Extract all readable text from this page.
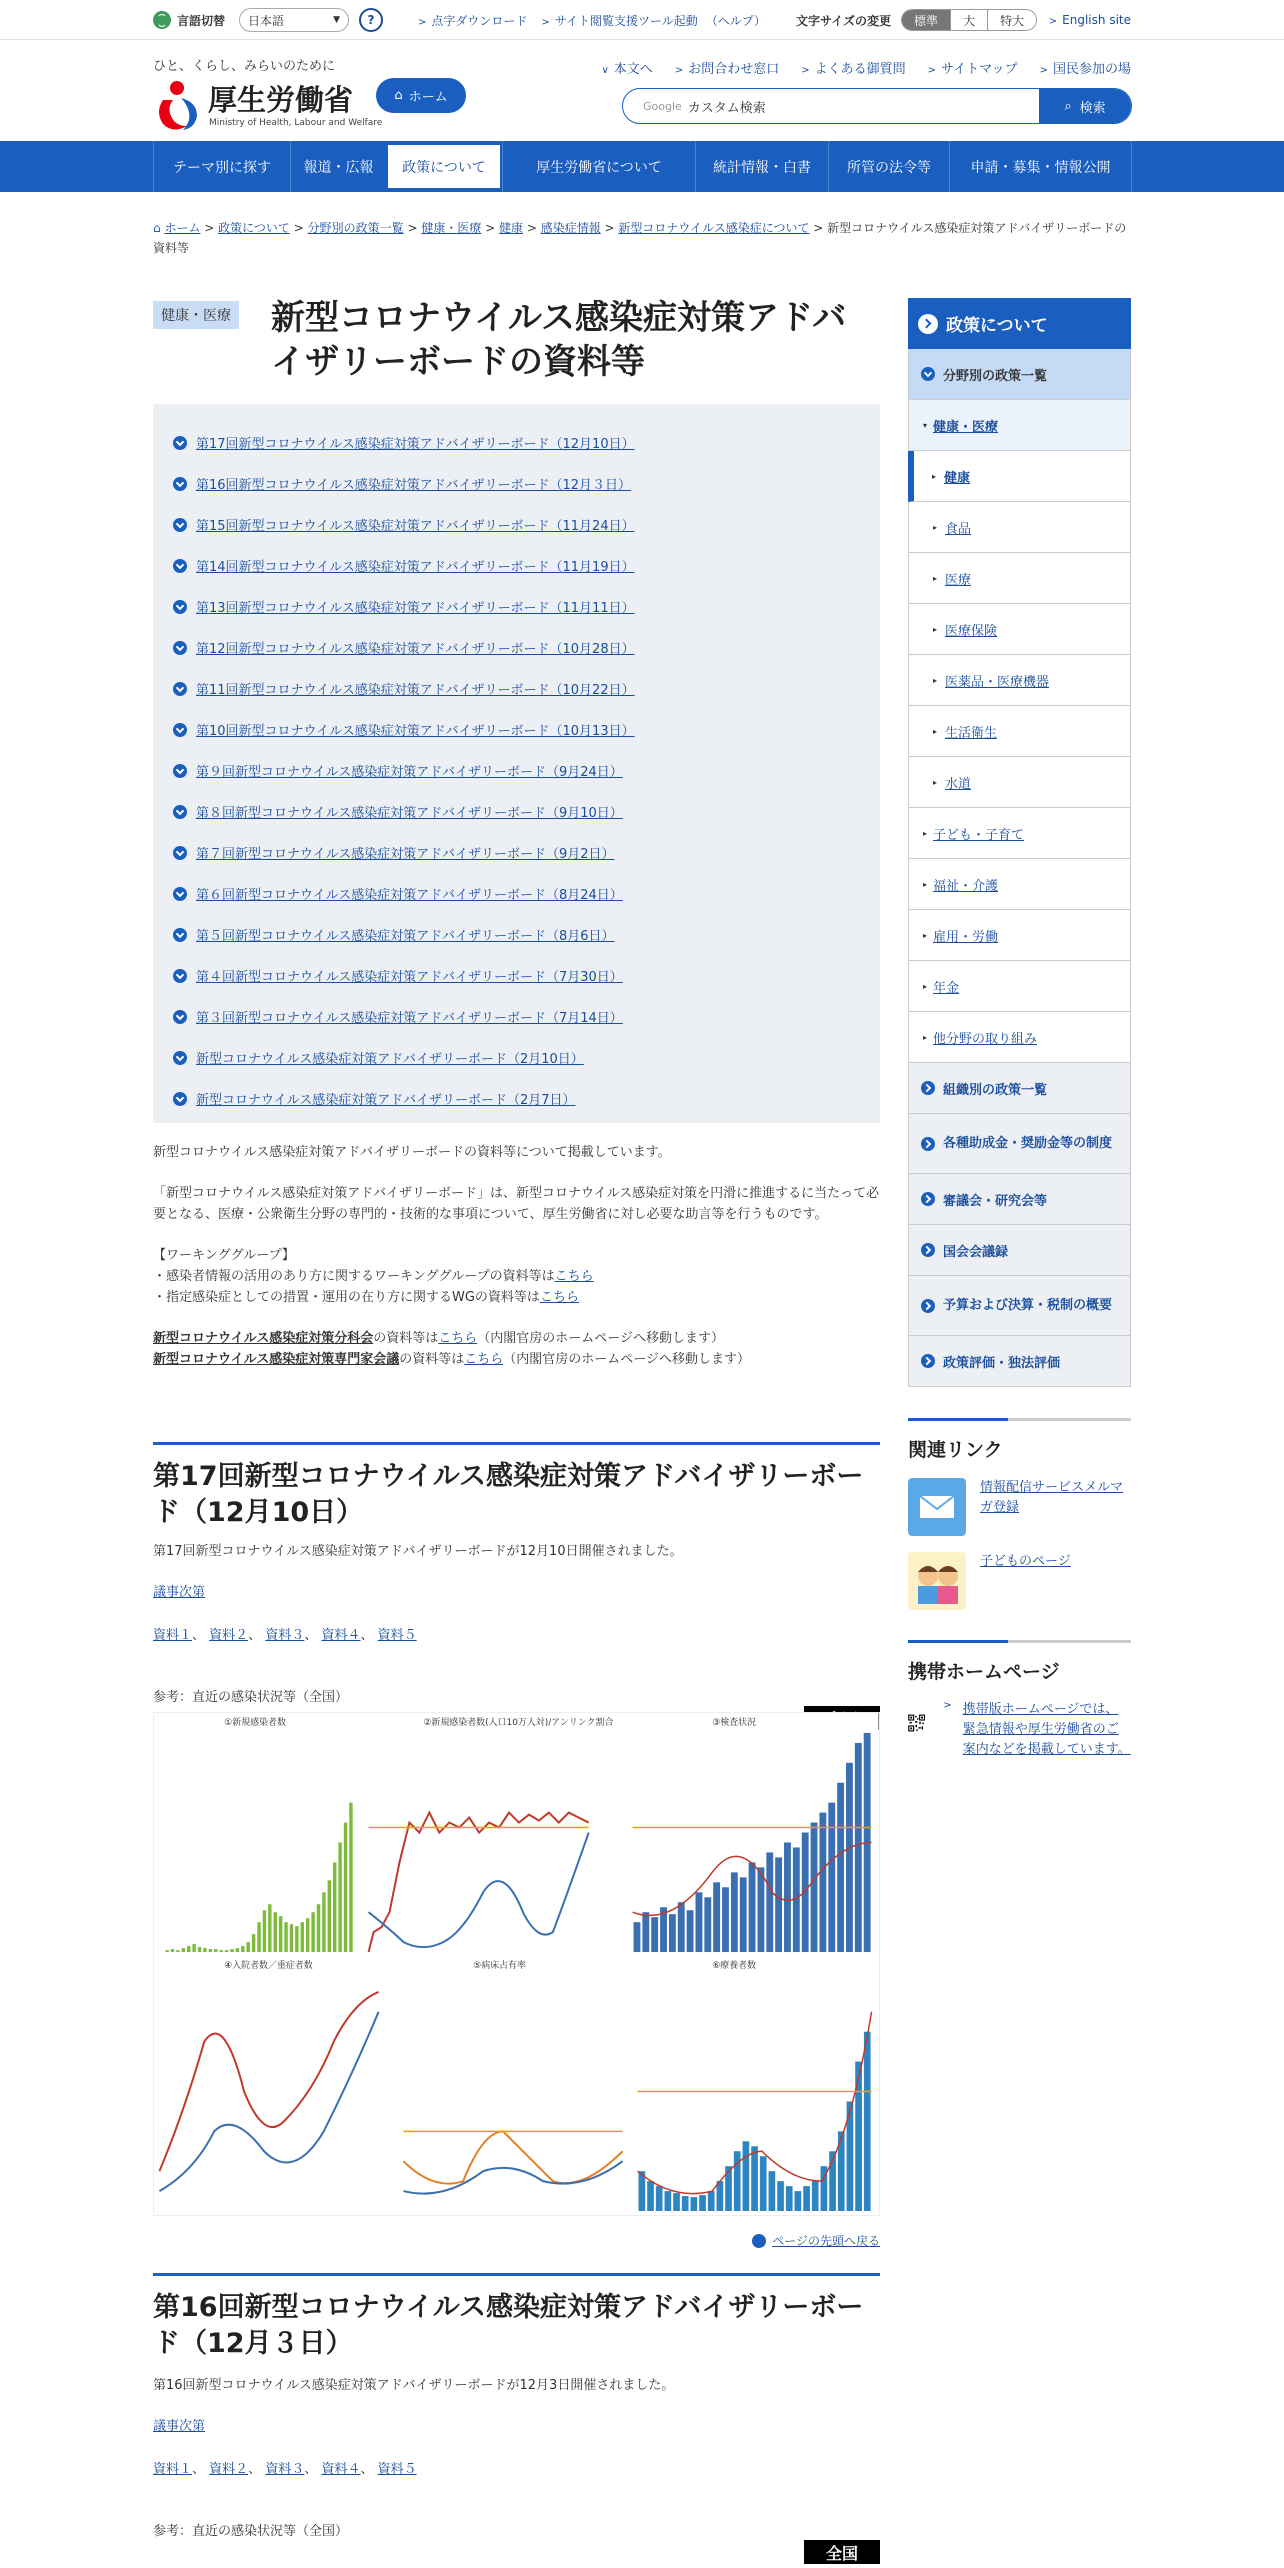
言語切替 日本語	▼	?	> 点字ダウンロード > サイト閲覧支援ツール起動 （ヘルプ）	文字サイズの変更	標準	大	特大	> English site
ひと、くらし、みらいのために
厚生労働省
Ministry of Health, Labour and Welfare
⌂ ホーム
∨ 本文へ > お問合わせ窓口 > よくある御質問 > サイトマップ > 国民参加の場
Google カスタム検索	⌕ 検索
テーマ別に探す	報道・広報	政策について	厚生労働省について	統計情報・白書	所管の法令等	申請・募集・情報公開
⌂ ホーム > 政策について > 分野別の政策一覧 > 健康・医療 > 健康 > 感染症情報 > 新型コロナウイルス感染症について > 新型コロナウイルス感染症対策アドバイザリーボードの資料等
健康・医療 新型コロナウイルス感染症対策アドバイザリーボードの資料等
第17回新型コロナウイルス感染症対策アドバイザリーボード（12月10日）
第16回新型コロナウイルス感染症対策アドバイザリーボード（12月３日）
第15回新型コロナウイルス感染症対策アドバイザリーボード（11月24日）
第14回新型コロナウイルス感染症対策アドバイザリーボード（11月19日）
第13回新型コロナウイルス感染症対策アドバイザリーボード（11月11日）
第12回新型コロナウイルス感染症対策アドバイザリーボード（10月28日）
第11回新型コロナウイルス感染症対策アドバイザリーボード（10月22日）
第10回新型コロナウイルス感染症対策アドバイザリーボード（10月13日）
第９回新型コロナウイルス感染症対策アドバイザリーボード（9月24日）
第８回新型コロナウイルス感染症対策アドバイザリーボード（9月10日）
第７回新型コロナウイルス感染症対策アドバイザリーボード（9月2日）
第６回新型コロナウイルス感染症対策アドバイザリーボード（8月24日）
第５回新型コロナウイルス感染症対策アドバイザリーボード（8月6日）
第４回新型コロナウイルス感染症対策アドバイザリーボード（7月30日）
第３回新型コロナウイルス感染症対策アドバイザリーボード（7月14日）
新型コロナウイルス感染症対策アドバイザリーボード（2月10日）
新型コロナウイルス感染症対策アドバイザリーボード（2月7日）

新型コロナウイルス感染症対策アドバイザリーボードの資料等について掲載しています。

「新型コロナウイルス感染症対策アドバイザリーボード」は、新型コロナウイルス感染症対策を円滑に推進するに当たって必要となる、医療・公衆衛生分野の専門的・技術的な事項について、厚生労働省に対し必要な助言等を行うものです。

【ワーキンググループ】
・感染者情報の活用のあり方に関するワーキンググループの資料等はこちら
・指定感染症としての措置・運用の在り方に関するWGの資料等はこちら

新型コロナウイルス感染症対策分科会の資料等はこちら（内閣官房のホームページへ移動します）
新型コロナウイルス感染症対策専門家会議の資料等はこちら（内閣官房のホームページへ移動します）

第17回新型コロナウイルス感染症対策アドバイザリーボード（12月10日）

第17回新型コロナウイルス感染症対策アドバイザリーボードが12月10日開催されました。

議事次第
資料１、 資料２、 資料３、 資料４、 資料５

参考：直近の感染状況等（全国）

①新規感染者数	②新規感染者数(人口10万人対)/アンリンク割合	③検査状況
④入院者数／重症者数	⑤病床占有率	⑥療養者数
ページの先頭へ戻る
第16回新型コロナウイルス感染症対策アドバイザリーボード（12月３日）

第16回新型コロナウイルス感染症対策アドバイザリーボードが12月3日開催されました。

議事次第
資料１、 資料２、 資料３、 資料４、 資料５

参考：直近の感染状況等（全国）

全国
政策について
分野別の政策一覧
▾ 健康・医療
▸ 健康
▸ 食品
▸ 医療
▸ 医療保険
▸ 医薬品・医療機器
▸ 生活衛生
▸ 水道
▸ 子ども・子育て
▸ 福祉・介護
▸ 雇用・労働
▸ 年金
▸ 他分野の取り組み
組織別の政策一覧
各種助成金・奨励金等の制度
審議会・研究会等
国会会議録
予算および決算・税制の概要
政策評価・独法評価
関連リンク
情報配信サービスメルマガ登録
子どものページ
携帯ホームページ
> 携帯版ホームページでは、緊急情報や厚生労働省のご案内などを掲載しています。
